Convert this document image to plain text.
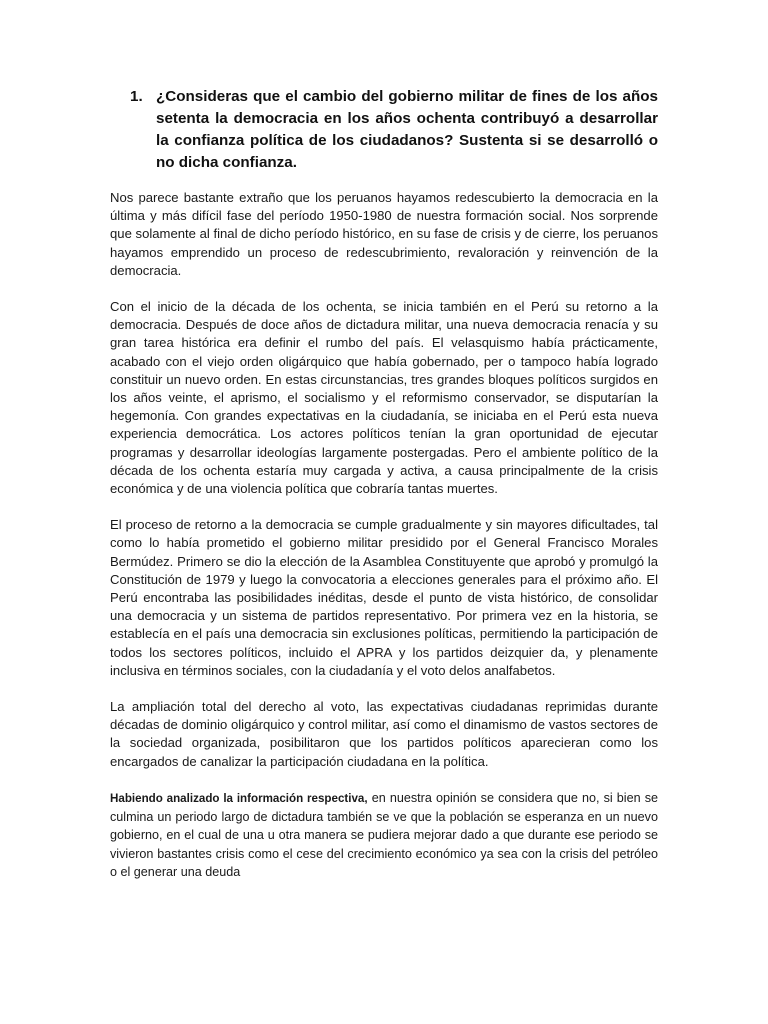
1. ¿Consideras que el cambio del gobierno militar de fines de los años setenta la democracia en los años ochenta contribuyó a desarrollar la confianza política de los ciudadanos? Sustenta si se desarrolló o no dicha confianza.

Nos parece bastante extraño que los peruanos hayamos redescubierto la democracia en la última y más difícil fase del período 1950-1980 de nuestra formación social. Nos sorprende que solamente al final de dicho período histórico, en su fase de crisis y de cierre, los peruanos hayamos emprendido un proceso de redescubrimiento, revaloración y reinvención de la democracia.

Con el inicio de la década de los ochenta, se inicia también en el Perú su retorno a la democracia. Después de doce años de dictadura militar, una nueva democracia renacía y su gran tarea histórica era definir el rumbo del país. El velasquismo había prácticamente, acabado con el viejo orden oligárquico que había gobernado, per o tampoco había logrado constituir un nuevo orden. En estas circunstancias, tres grandes bloques políticos surgidos en los años veinte, el aprismo, el socialismo y el reformismo conservador, se disputarían la hegemonía. Con grandes expectativas en la ciudadanía, se iniciaba en el Perú esta nueva experiencia democrática. Los actores políticos tenían la gran oportunidad de ejecutar programas y desarrollar ideologías largamente postergadas. Pero el ambiente político de la década de los ochenta estaría muy cargada y activa, a causa principalmente de la crisis económica y de una violencia política que cobraría tantas muertes.

El proceso de retorno a la democracia se cumple gradualmente y sin mayores dificultades, tal como lo había prometido el gobierno militar presidido por el General Francisco Morales Bermúdez. Primero se dio la elección de la Asamblea Constituyente que aprobó y promulgó la Constitución de 1979 y luego la convocatoria a elecciones generales para el próximo año. El Perú encontraba las posibilidades inéditas, desde el punto de vista histórico, de consolidar una democracia y un sistema de partidos representativo. Por primera vez en la historia, se establecía en el país una democracia sin exclusiones políticas, permitiendo la participación de todos los sectores políticos, incluido el APRA y los partidos deizquier da, y plenamente inclusiva en términos sociales, con la ciudadanía y el voto delos analfabetos.

La ampliación total del derecho al voto, las expectativas ciudadanas reprimidas durante décadas de dominio oligárquico y control militar, así como el dinamismo de vastos sectores de la sociedad organizada, posibilitaron que los partidos políticos aparecieran como los encargados de canalizar la participación ciudadana en la política.

Habiendo analizado la información respectiva, en nuestra opinión se considera que no, si bien se culmina un periodo largo de dictadura también se ve que la población se esperanza en un nuevo gobierno, en el cual de una u otra manera se pudiera mejorar dado a que durante ese periodo se vivieron bastantes crisis como el cese del crecimiento económico ya sea con la crisis del petróleo o el generar una deuda
